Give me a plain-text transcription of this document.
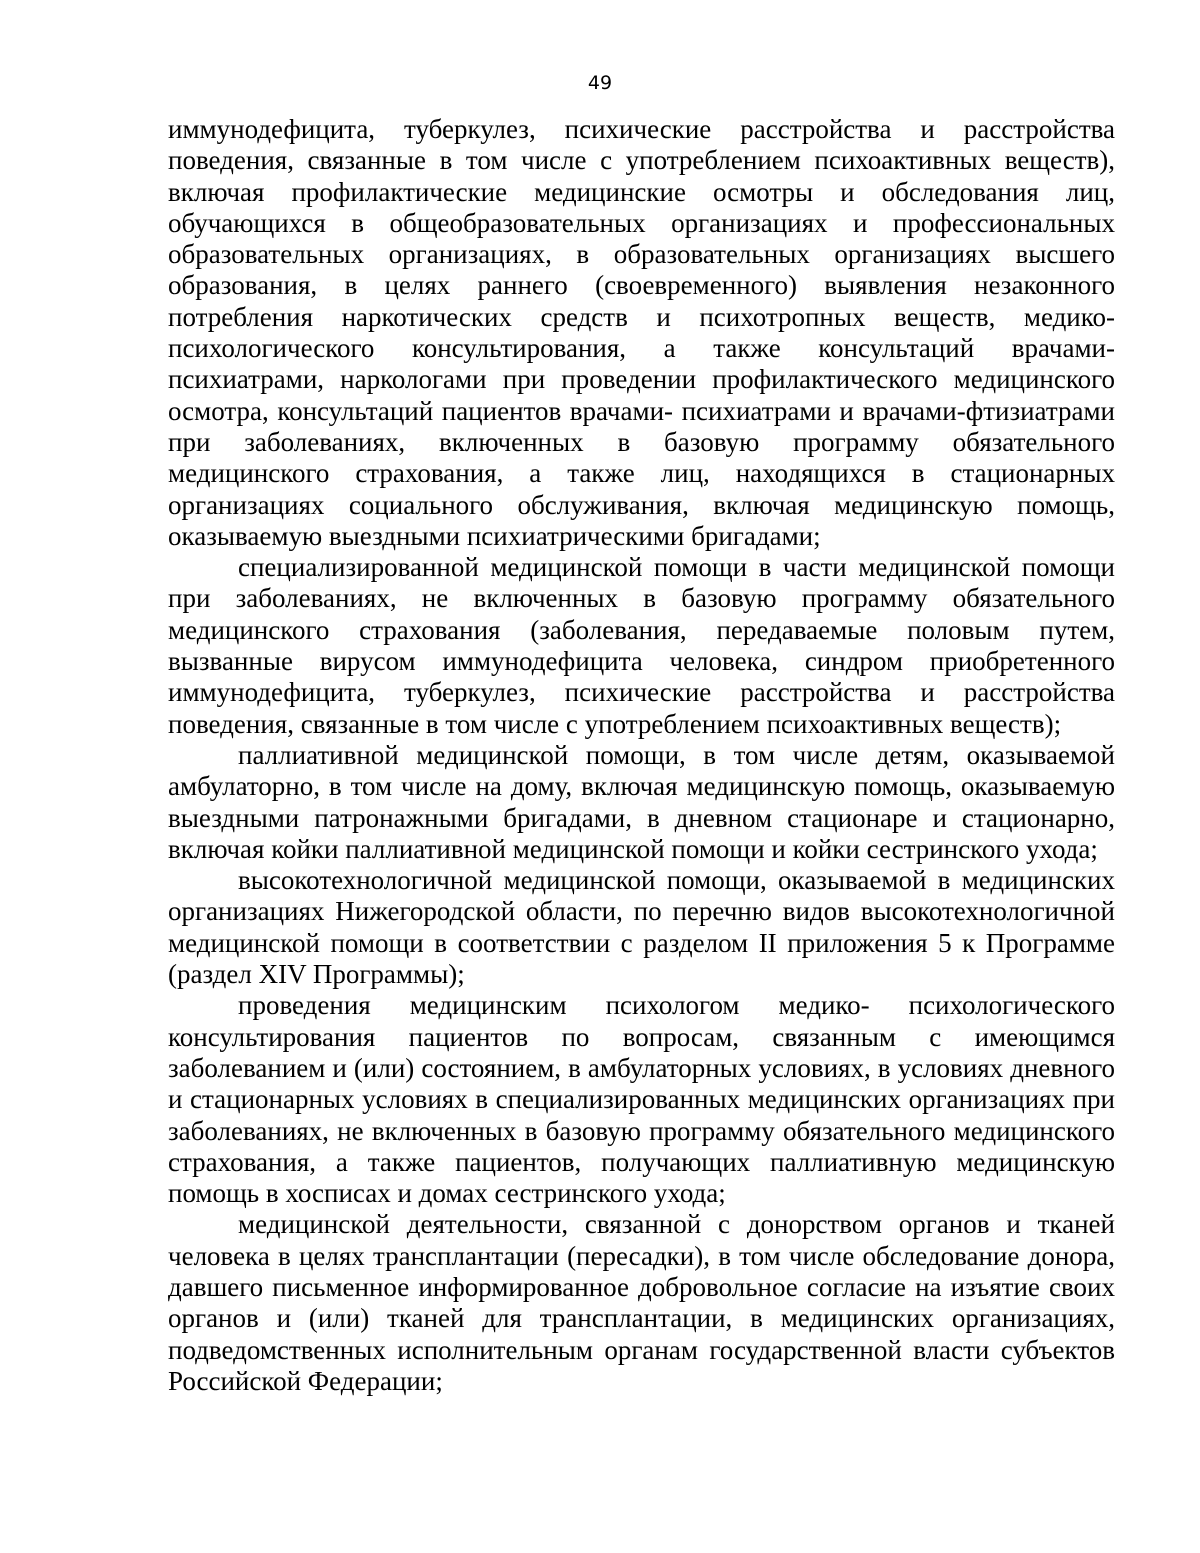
49

иммунодефицита, туберкулез, психические расстройства и расстройства поведения, связанные в том числе с употреблением психоактивных веществ), включая профилактические медицинские осмотры и обследования лиц, обучающихся в общеобразовательных организациях и профессиональных образовательных организациях, в образовательных организациях высшего образования, в целях раннего (своевременного) выявления незаконного потребления наркотических средств и психотропных веществ, медико-психологического консультирования, а также консультаций врачами-психиатрами, наркологами при проведении профилактического медицинского осмотра, консультаций пациентов врачами- психиатрами и врачами-фтизиатрами при заболеваниях, включенных в базовую программу обязательного медицинского страхования, а также лиц, находящихся в стационарных организациях социального обслуживания, включая медицинскую помощь, оказываемую выездными психиатрическими бригадами;

специализированной медицинской помощи в части медицинской помощи при заболеваниях, не включенных в базовую программу обязательного медицинского страхования (заболевания, передаваемые половым путем, вызванные вирусом иммунодефицита человека, синдром приобретенного иммунодефицита, туберкулез, психические расстройства и расстройства поведения, связанные в том числе с употреблением психоактивных веществ);

паллиативной медицинской помощи, в том числе детям, оказываемой амбулаторно, в том числе на дому, включая медицинскую помощь, оказываемую выездными патронажными бригадами, в дневном стационаре и стационарно, включая койки паллиативной медицинской помощи и койки сестринского ухода;

высокотехнологичной медицинской помощи, оказываемой в медицинских организациях Нижегородской области, по перечню видов высокотехнологичной медицинской помощи в соответствии с разделом II приложения 5 к Программе (раздел XIV Программы);

проведения медицинским психологом медико- психологического консультирования пациентов по вопросам, связанным с имеющимся заболеванием и (или) состоянием, в амбулаторных условиях, в условиях дневного и стационарных условиях в специализированных медицинских организациях при заболеваниях, не включенных в базовую программу обязательного медицинского страхования, а также пациентов, получающих паллиативную медицинскую помощь в хосписах и домах сестринского ухода;

медицинской деятельности, связанной с донорством органов и тканей человека в целях трансплантации (пересадки), в том числе обследование донора, давшего письменное информированное добровольное согласие на изъятие своих органов и (или) тканей для трансплантации, в медицинских организациях, подведомственных исполнительным органам государственной власти субъектов Российской Федерации;
